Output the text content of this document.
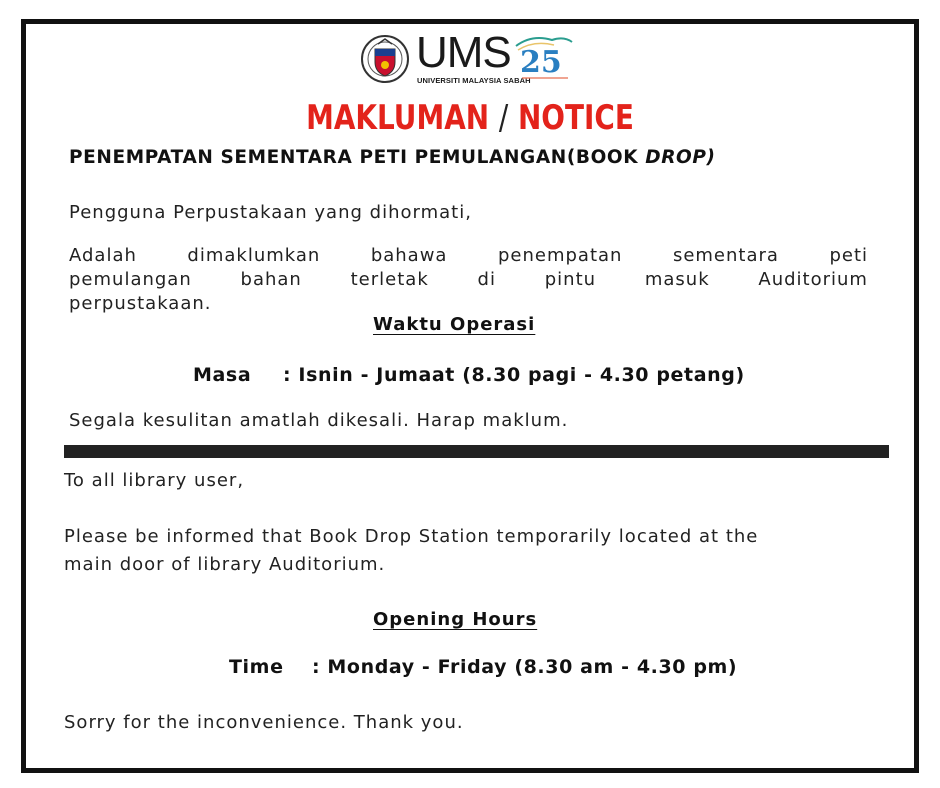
UMS
UNIVERSITI MALAYSIA SABAH
25
MAKLUMAN / NOTICE
PENEMPATAN SEMENTARA PETI PEMULANGAN(BOOK DROP)
Pengguna Perpustakaan yang dihormati,
Adalah	dimaklumkan	bahawa	penempatan	sementara	peti
pemulangan	bahan	terletak	di	pintu	masuk	Auditorium
perpustakaan.
Waktu Operasi
Masa : Isnin - Jumaat (8.30 pagi - 4.30 petang)
Segala kesulitan amatlah dikesali. Harap maklum.
To all library user,
Please be informed that Book Drop Station temporarily located at the
main door of library Auditorium.
Opening Hours
Time : Monday - Friday (8.30 am - 4.30 pm)
Sorry for the inconvenience. Thank you.
